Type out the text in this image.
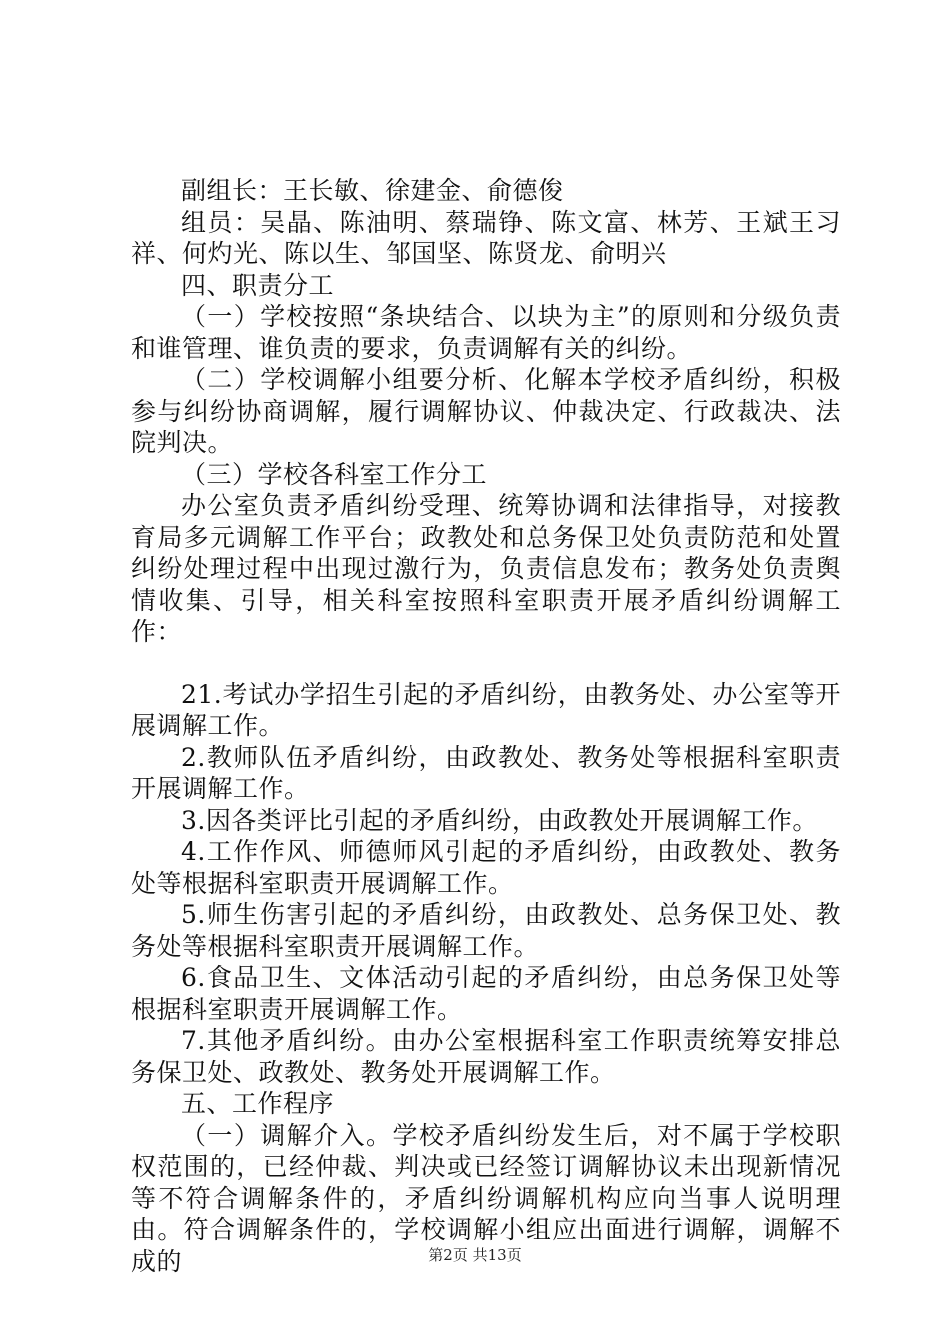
副组长：王长敏、徐建金、俞德俊

组员：吴晶、陈油明、蔡瑞铮、陈文富、林芳、王斌王习祥、何灼光、陈以生、邹国坚、陈贤龙、俞明兴

四、职责分工

（一）学校按照“条块结合、以块为主”的原则和分级负责和谁管理、谁负责的要求，负责调解有关的纠纷。

（二）学校调解小组要分析、化解本学校矛盾纠纷，积极参与纠纷协商调解，履行调解协议、仲裁决定、行政裁决、法院判决。

（三）学校各科室工作分工

办公室负责矛盾纠纷受理、统筹协调和法律指导，对接教育局多元调解工作平台；政教处和总务保卫处负责防范和处置纠纷处理过程中出现过激行为，负责信息发布；教务处负责舆情收集、引导，相关科室按照科室职责开展矛盾纠纷调解工作：

21.考试办学招生引起的矛盾纠纷，由教务处、办公室等开展调解工作。

2.教师队伍矛盾纠纷，由政教处、教务处等根据科室职责开展调解工作。

3.因各类评比引起的矛盾纠纷，由政教处开展调解工作。

4.工作作风、师德师风引起的矛盾纠纷，由政教处、教务处等根据科室职责开展调解工作。

5.师生伤害引起的矛盾纠纷，由政教处、总务保卫处、教务处等根据科室职责开展调解工作。

6.食品卫生、文体活动引起的矛盾纠纷，由总务保卫处等根据科室职责开展调解工作。

7.其他矛盾纠纷。由办公室根据科室工作职责统筹安排总务保卫处、政教处、教务处开展调解工作。

五、工作程序

（一）调解介入。学校矛盾纠纷发生后，对不属于学校职权范围的，已经仲裁、判决或已经签订调解协议未出现新情况等不符合调解条件的，矛盾纠纷调解机构应向当事人说明理由。符合调解条件的，学校调解小组应出面进行调解，调解不成的	第2页 共13页
